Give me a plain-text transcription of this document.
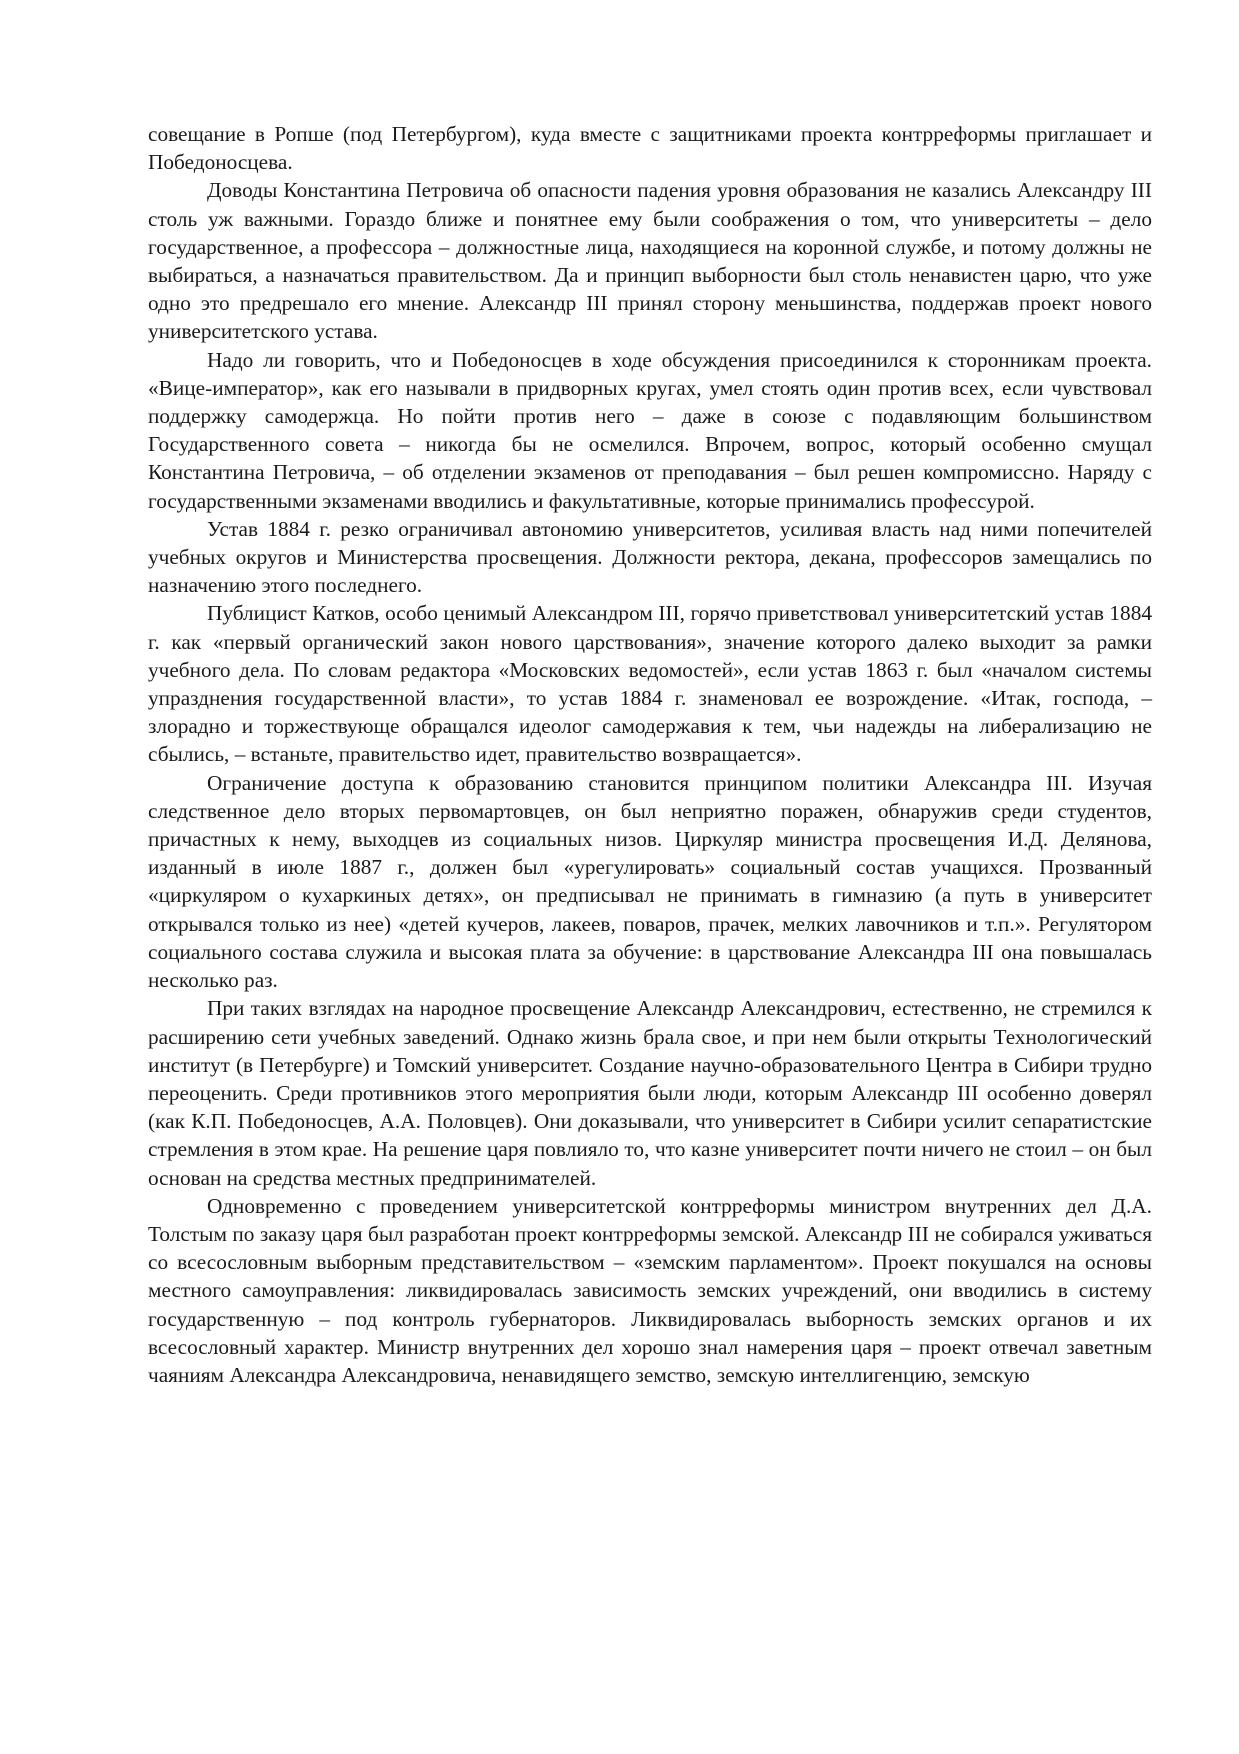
совещание в Ропше (под Петербургом), куда вместе с защитниками проекта контрреформы приглашает и Победоносцева.

Доводы Константина Петровича об опасности падения уровня образования не казались Александру III столь уж важными. Гораздо ближе и понятнее ему были соображения о том, что университеты – дело государственное, а профессора – должностные лица, находящиеся на коронной службе, и потому должны не выбираться, а назначаться правительством. Да и принцип выборности был столь ненавистен царю, что уже одно это предрешало его мнение. Александр III принял сторону меньшинства, поддержав проект нового университетского устава.

Надо ли говорить, что и Победоносцев в ходе обсуждения присоединился к сторонникам проекта. «Вице-император», как его называли в придворных кругах, умел стоять один против всех, если чувствовал поддержку самодержца. Но пойти против него – даже в союзе с подавляющим большинством Государственного совета – никогда бы не осмелился. Впрочем, вопрос, который особенно смущал Константина Петровича, – об отделении экзаменов от преподавания – был решен компромиссно. Наряду с государственными экзаменами вводились и факультативные, которые принимались профессурой.

Устав 1884 г. резко ограничивал автономию университетов, усиливая власть над ними попечителей учебных округов и Министерства просвещения. Должности ректора, декана, профессоров замещались по назначению этого последнего.

Публицист Катков, особо ценимый Александром III, горячо приветствовал университетский устав 1884 г. как «первый органический закон нового царствования», значение которого далеко выходит за рамки учебного дела. По словам редактора «Московских ведомостей», если устав 1863 г. был «началом системы упразднения государственной власти», то устав 1884 г. знаменовал ее возрождение. «Итак, господа, – злорадно и торжествующе обращался идеолог самодержавия к тем, чьи надежды на либерализацию не сбылись, – встаньте, правительство идет, правительство возвращается».

Ограничение доступа к образованию становится принципом политики Александра III. Изучая следственное дело вторых первомартовцев, он был неприятно поражен, обнаружив среди студентов, причастных к нему, выходцев из социальных низов. Циркуляр министра просвещения И.Д. Делянова, изданный в июле 1887 г., должен был «урегулировать» социальный состав учащихся. Прозванный «циркуляром о кухаркиных детях», он предписывал не принимать в гимназию (а путь в университет открывался только из нее) «детей кучеров, лакеев, поваров, прачек, мелких лавочников и т.п.». Регулятором социального состава служила и высокая плата за обучение: в царствование Александра III она повышалась несколько раз.

При таких взглядах на народное просвещение Александр Александрович, естественно, не стремился к расширению сети учебных заведений. Однако жизнь брала свое, и при нем были открыты Технологический институт (в Петербурге) и Томский университет. Создание научно-образовательного Центра в Сибири трудно переоценить. Среди противников этого мероприятия были люди, которым Александр III особенно доверял (как К.П. Победоносцев, А.А. Половцев). Они доказывали, что университет в Сибири усилит сепаратистские стремления в этом крае. На решение царя повлияло то, что казне университет почти ничего не стоил – он был основан на средства местных предпринимателей.

Одновременно с проведением университетской контрреформы министром внутренних дел Д.А. Толстым по заказу царя был разработан проект контрреформы земской. Александр III не собирался уживаться со всесословным выборным представительством – «земским парламентом». Проект покушался на основы местного самоуправления: ликвидировалась зависимость земских учреждений, они вводились в систему государственную – под контроль губернаторов. Ликвидировалась выборность земских органов и их всесословный характер. Министр внутренних дел хорошо знал намерения царя – проект отвечал заветным чаяниям Александра Александровича, ненавидящего земство, земскую интеллигенцию, земскую
